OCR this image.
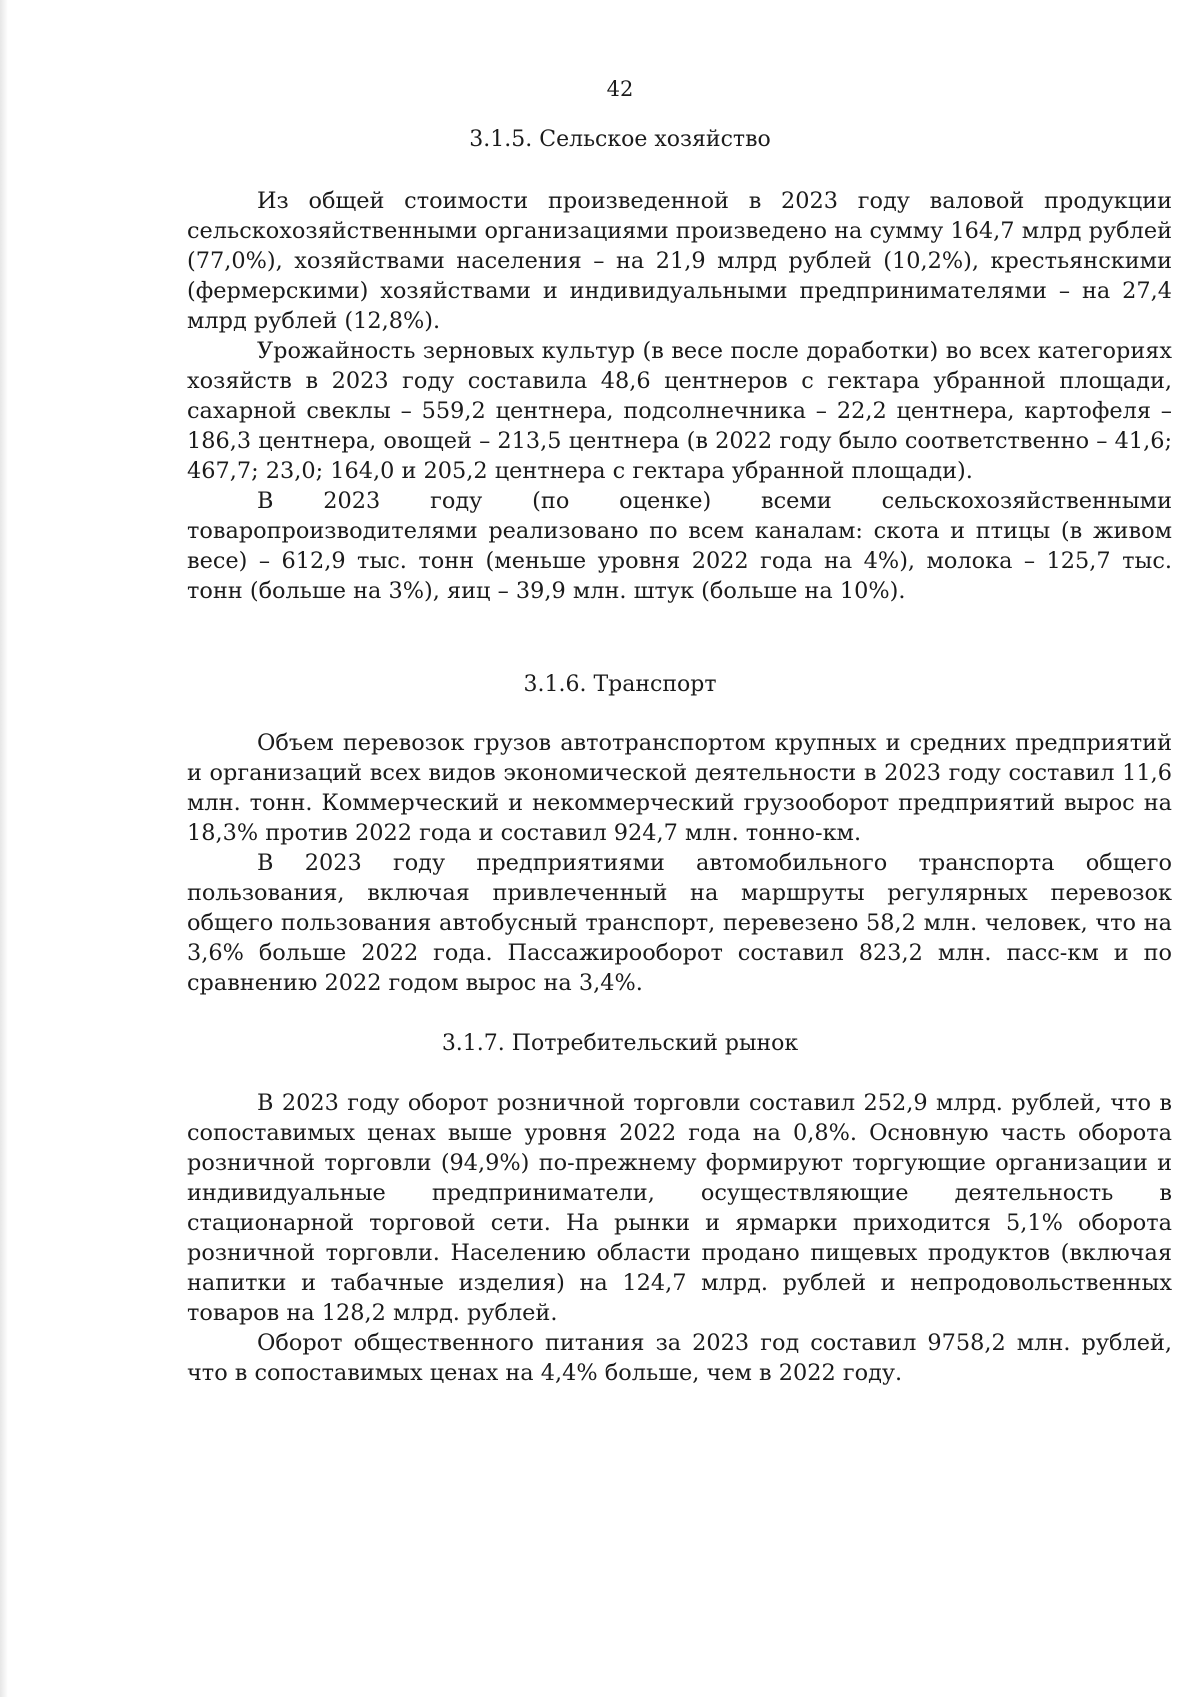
42
3.1.5. Сельское хозяйство

Из общей стоимости произведенной в 2023 году валовой продукции сельскохозяйственными организациями произведено на сумму 164,7 млрд рублей (77,0%), хозяйствами населения – на 21,9 млрд рублей (10,2%), крестьянскими (фермерскими) хозяйствами и индивидуальными предпринимателями – на 27,4 млрд рублей (12,8%).

Урожайность зерновых культур (в весе после доработки) во всех категориях хозяйств в 2023 году составила 48,6 центнеров с гектара убранной площади, сахарной свеклы – 559,2 центнера, подсолнечника – 22,2 центнера, картофеля – 186,3 центнера, овощей – 213,5 центнера (в 2022 году было соответственно – 41,6; 467,7; 23,0; 164,0 и 205,2 центнера с гектара убранной площади).

В 2023 году (по оценке) всеми сельскохозяйственными товаропроизводителями реализовано по всем каналам: скота и птицы (в живом весе) – 612,9 тыс. тонн (меньше уровня 2022 года на 4%), молока – 125,7 тыс. тонн (больше на 3%), яиц – 39,9 млн. штук (больше на 10%).

3.1.6. Транспорт

Объем перевозок грузов автотранспортом крупных и средних предприятий и организаций всех видов экономической деятельности в 2023 году составил 11,6 млн. тонн. Коммерческий и некоммерческий грузооборот предприятий вырос на 18,3% против 2022 года и составил 924,7 млн. тонно-км.

В 2023 году предприятиями автомобильного транспорта общего пользования, включая привлеченный на маршруты регулярных перевозок общего пользования автобусный транспорт, перевезено 58,2 млн. человек, что на 3,6% больше 2022 года. Пассажирооборот составил 823,2 млн. пасс-км и по сравнению 2022 годом вырос на 3,4%.

3.1.7. Потребительский рынок

В 2023 году оборот розничной торговли составил 252,9 млрд. рублей, что в сопоставимых ценах выше уровня 2022 года на 0,8%. Основную часть оборота розничной торговли (94,9%) по-прежнему формируют торгующие организации и индивидуальные предприниматели, осуществляющие деятельность в стационарной торговой сети. На рынки и ярмарки приходится 5,1% оборота розничной торговли. Населению области продано пищевых продуктов (включая напитки и табачные изделия) на 124,7 млрд. рублей и непродовольственных товаров на 128,2 млрд. рублей.

Оборот общественного питания за 2023 год составил 9758,2 млн. рублей, что в сопоставимых ценах на 4,4% больше, чем в 2022 году.
